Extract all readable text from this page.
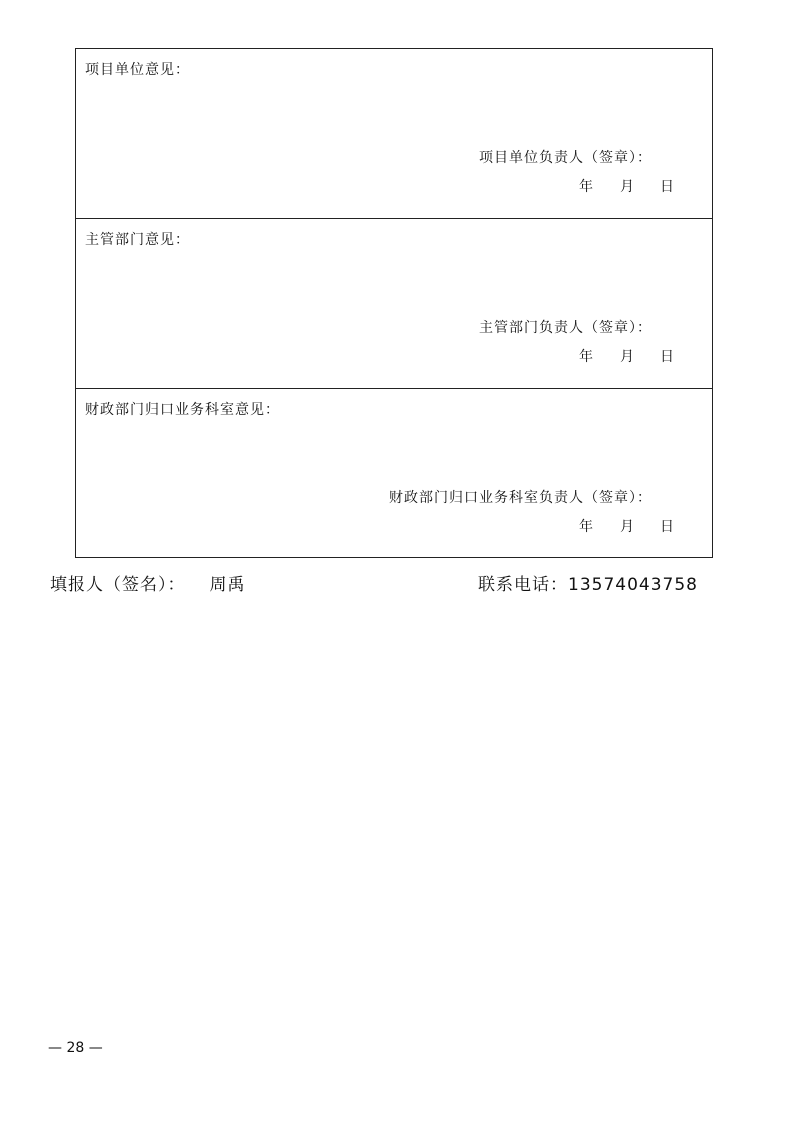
项目单位意见：
项目单位负责人（签章）：
年 月 日
主管部门意见：
主管部门负责人（签章）：
年 月 日
财政部门归口业务科室意见：
财政部门归口业务科室负责人（签章）：
年 月 日
填报人（签名）： 周禹	联系电话：13574043758
— 28 —
